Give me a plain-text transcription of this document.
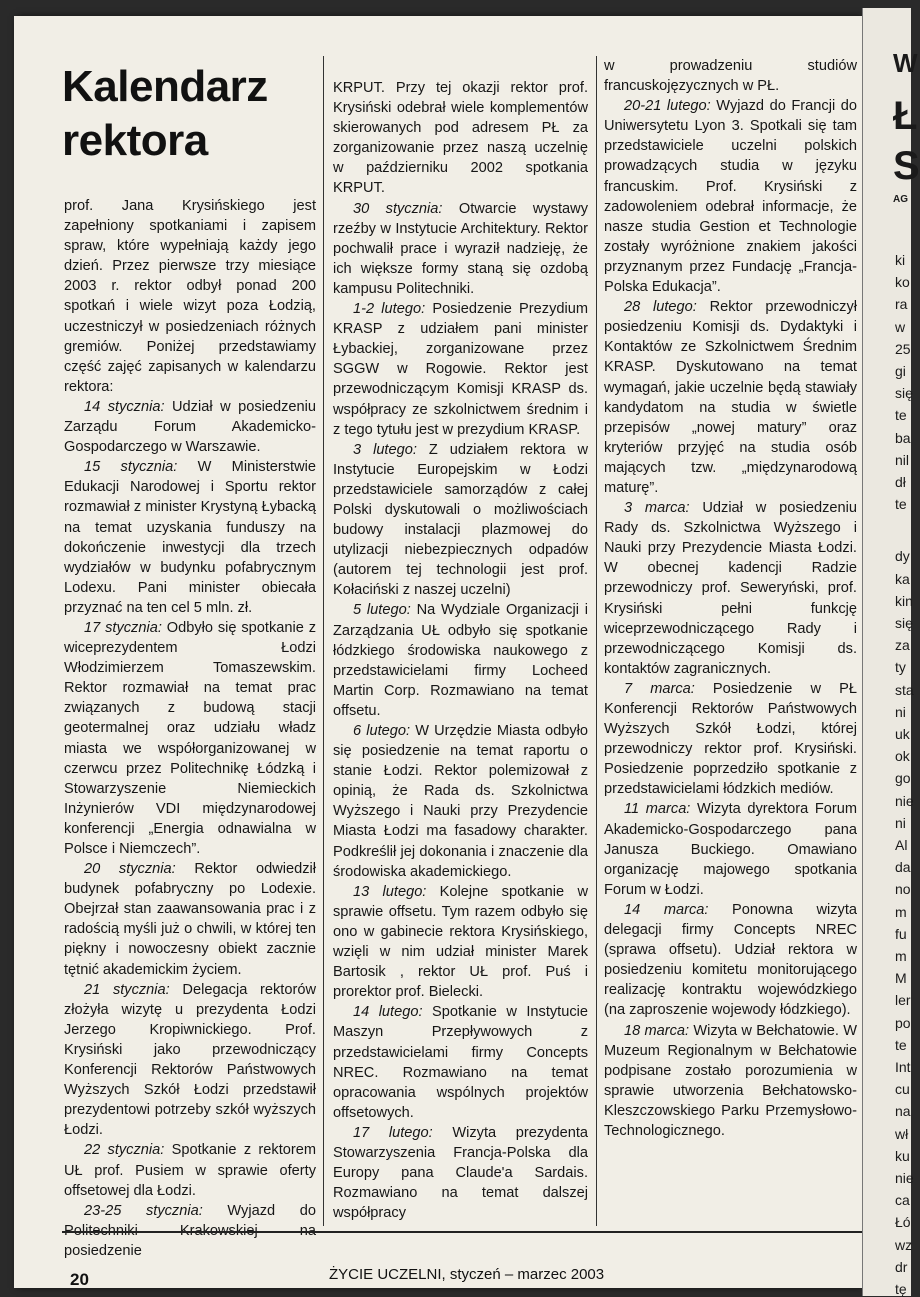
Kalendarz rektora

prof. Jana Krysińskiego jest zapełniony spotkaniami i zapisem spraw, które wypełniają każdy jego dzień. Przez pierwsze trzy miesiące 2003 r. rektor odbył ponad 200 spotkań i wiele wizyt poza Łodzią, uczestniczył w posiedzeniach różnych gremiów. Poniżej przedstawiamy część zajęć zapisanych w kalendarzu rektora:

14 stycznia: Udział w posiedzeniu Zarządu Forum Akademicko-Gospodarczego w Warszawie.

15 stycznia: W Ministerstwie Edukacji Narodowej i Sportu rektor rozmawiał z minister Krystyną Łybacką na temat uzyskania funduszy na dokończenie inwestycji dla trzech wydziałów w budynku pofabrycznym Lodexu. Pani minister obiecała przyznać na ten cel 5 mln. zł.

17 stycznia: Odbyło się spotkanie z wiceprezydentem Łodzi Włodzimierzem Tomaszewskim. Rektor rozmawiał na temat prac związanych z budową stacji geotermalnej oraz udziału władz miasta we współorganizowanej w czerwcu przez Politechnikę Łódzką i Stowarzyszenie Niemieckich Inżynierów VDI międzynarodowej konferencji „Energia odnawialna w Polsce i Niemczech”.

20 stycznia: Rektor odwiedził budynek pofabryczny po Lodexie. Obejrzał stan zaawansowania prac i z radością myśli już o chwili, w której ten piękny i nowoczesny obiekt zacznie tętnić akademickim życiem.

21 stycznia: Delegacja rektorów złożyła wizytę u prezydenta Łodzi Jerzego Kropiwnickiego. Prof. Krysiński jako przewodniczący Konferencji Rektorów Państwowych Wyższych Szkół Łodzi przedstawił prezydentowi potrzeby szkół wyższych Łodzi.

22 stycznia: Spotkanie z rektorem UŁ prof. Pusiem w sprawie oferty offsetowej dla Łodzi.

23-25 stycznia: Wyjazd do Politechniki Krakowskiej na posiedzenie

KRPUT. Przy tej okazji rektor prof. Krysiński odebrał wiele komplementów skierowanych pod adresem PŁ za zorganizowanie przez naszą uczelnię w październiku 2002 spotkania KRPUT.

30 stycznia: Otwarcie wystawy rzeźby w Instytucie Architektury. Rektor pochwalił prace i wyraził nadzieję, że ich większe formy staną się ozdobą kampusu Politechniki.

1-2 lutego: Posiedzenie Prezydium KRASP z udziałem pani minister Łybackiej, zorganizowane przez SGGW w Rogowie. Rektor jest przewodniczącym Komisji KRASP ds. współpracy ze szkolnictwem średnim i z tego tytułu jest w prezydium KRASP.

3 lutego: Z udziałem rektora w Instytucie Europejskim w Łodzi przedstawiciele samorządów z całej Polski dyskutowali o możliwościach budowy instalacji plazmowej do utylizacji niebezpiecznych odpadów (autorem tej technologii jest prof. Kołaciński z naszej uczelni)

5 lutego: Na Wydziale Organizacji i Zarządzania UŁ odbyło się spotkanie łódzkiego środowiska naukowego z przedstawicielami firmy Locheed Martin Corp. Rozmawiano na temat offsetu.

6 lutego: W Urzędzie Miasta odbyło się posiedzenie na temat raportu o stanie Łodzi. Rektor polemizował z opinią, że Rada ds. Szkolnictwa Wyższego i Nauki przy Prezydencie Miasta Łodzi ma fasadowy charakter. Podkreślił jej dokonania i znaczenie dla środowiska akademickiego.

13 lutego: Kolejne spotkanie w sprawie offsetu. Tym razem odbyło się ono w gabinecie rektora Krysińskiego, wzięli w nim udział minister Marek Bartosik , rektor UŁ prof. Puś i prorektor prof. Bielecki.

14 lutego: Spotkanie w Instytucie Maszyn Przepływowych z przedstawicielami firmy Concepts NREC. Rozmawiano na temat opracowania wspólnych projektów offsetowych.

17 lutego: Wizyta prezydenta Stowarzyszenia Francja-Polska dla Europy pana Claude'a Sardais. Rozmawiano na temat dalszej współpracy

w prowadzeniu studiów francuskojęzycznych w PŁ.

20-21 lutego: Wyjazd do Francji do Uniwersytetu Lyon 3. Spotkali się tam przedstawiciele uczelni polskich prowadzących studia w języku francuskim. Prof. Krysiński z zadowoleniem odebrał informacje, że nasze studia Gestion et Technologie zostały wyróżnione znakiem jakości przyznanym przez Fundację „Francja-Polska Edukacja”.

28 lutego: Rektor przewodniczył posiedzeniu Komisji ds. Dydaktyki i Kontaktów ze Szkolnictwem Średnim KRASP. Dyskutowano na temat wymagań, jakie uczelnie będą stawiały kandydatom na studia w świetle przepisów „nowej matury” oraz kryteriów przyjęć na studia osób mających tzw. „międzynarodową maturę”.

3 marca: Udział w posiedzeniu Rady ds. Szkolnictwa Wyższego i Nauki przy Prezydencie Miasta Łodzi. W obecnej kadencji Radzie przewodniczy prof. Seweryński, prof. Krysiński pełni funkcję wiceprzewodniczącego Rady i przewodniczącego Komisji ds. kontaktów zagranicznych.

7 marca: Posiedzenie w PŁ Konferencji Rektorów Państwowych Wyższych Szkół Łodzi, której przewodniczy rektor prof. Krysiński. Posiedzenie poprzedziło spotkanie z przedstawicielami łódzkich mediów.

11 marca: Wizyta dyrektora Forum Akademicko-Gospodarczego pana Janusza Buckiego. Omawiano organizację majowego spotkania Forum w Łodzi.

14 marca: Ponowna wizyta delegacji firmy Concepts NREC (sprawa offsetu). Udział rektora w posiedzeniu komitetu monitorującego realizację kontraktu wojewódzkiego (na zaproszenie wojewody łódzkiego).

18 marca: Wizyta w Bełchatowie. W Muzeum Regionalnym w Bełchatowie podpisane zostało porozumienia w sprawie utworzenia Bełchatowsko-Kleszczowskiego Parku Przemysłowo-Technologicznego.

20	ŻYCIE UCZELNI, styczeń – marzec 2003
W
Ł
S
AG
ki
ko
ra
w
25
gi
się
te
ba
nil
dł
te
dy
ka
kin
się
za
ty
sta
ni
uk
ok
go
nie
ni
Al
da
no
m
fu
m
M
ler
po
te
Int
cu
na
wł
ku
nie
ca
Łó
wz
dr
tę
